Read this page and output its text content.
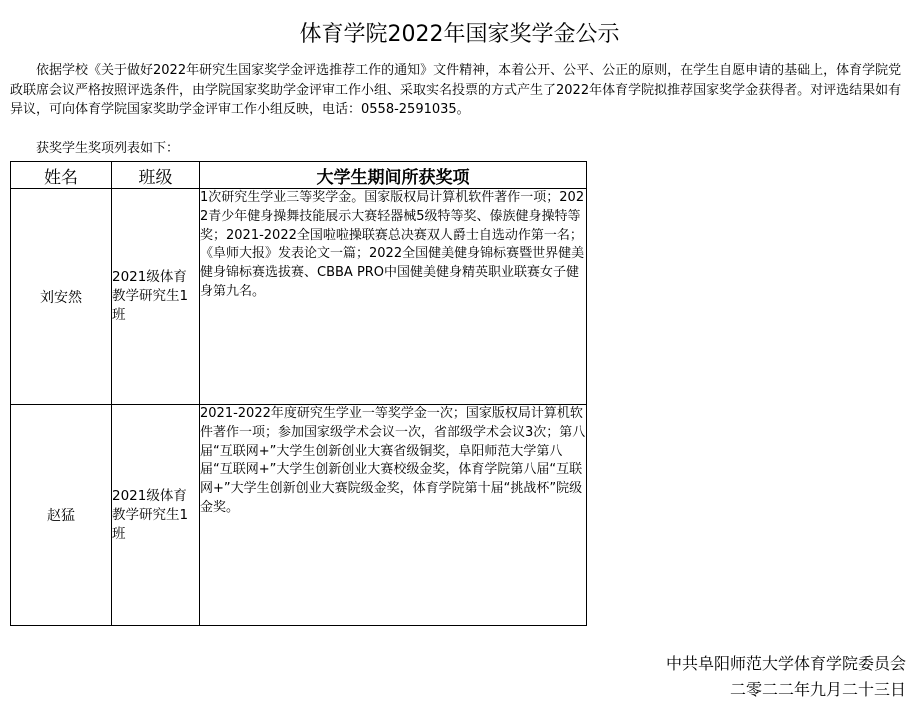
体育学院2022年国家奖学金公示

依据学校《关于做好2022年研究生国家奖学金评选推荐工作的通知》文件精神，本着公开、公平、公正的原则，在学生自愿申请的基础上，体育学院党政联席会议严格按照评选条件，由学院国家奖助学金评审工作小组、采取实名投票的方式产生了2022年体育学院拟推荐国家奖学金获得者。对评选结果如有异议，可向体育学院国家奖助学金评审工作小组反映，电话：0558-2591035。

获奖学生奖项列表如下：
姓名	班级	大学生期间所获奖项
刘安然	2021级体育教学研究生1班	1次研究生学业三等奖学金。国家版权局计算机软件著作一项；2022青少年健身操舞技能展示大赛轻器械5级特等奖、傣族健身操特等奖；2021-2022全国啦啦操联赛总决赛双人爵士自选动作第一名；《阜师大报》发表论文一篇；2022全国健美健身锦标赛暨世界健美健身锦标赛选拔赛、CBBA PRO中国健美健身精英职业联赛女子健身第九名。
赵猛	2021级体育教学研究生1班	2021-2022年度研究生学业一等奖学金一次；国家版权局计算机软件著作一项；参加国家级学术会议一次，省部级学术会议3次；第八届“互联网+”大学生创新创业大赛省级铜奖，阜阳师范大学第八届“互联网+”大学生创新创业大赛校级金奖，体育学院第八届“互联网+”大学生创新创业大赛院级金奖，体育学院第十届“挑战杯”院级金奖。
中共阜阳师范大学体育学院委员会
二零二二年九月二十三日
